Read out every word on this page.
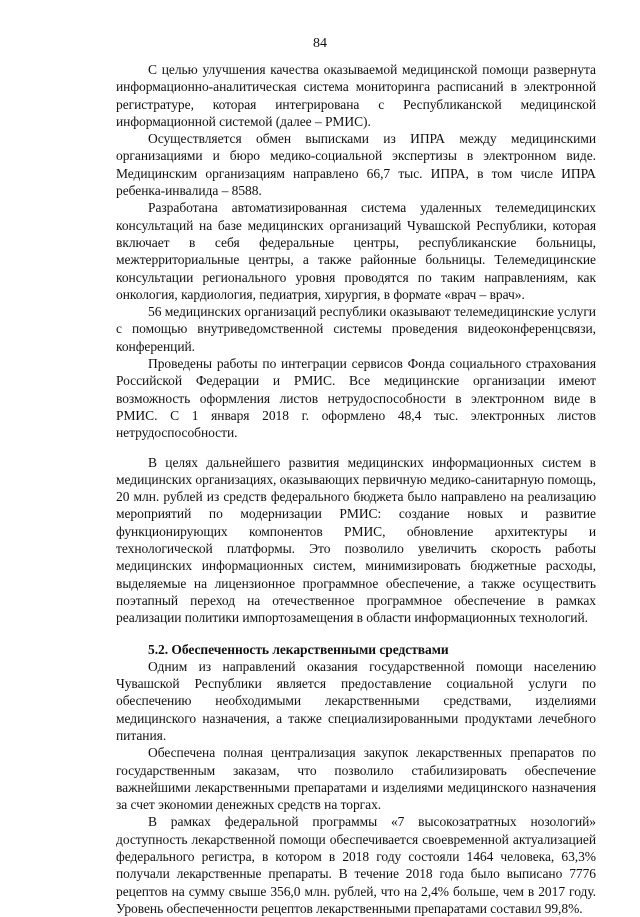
84

С целью улучшения качества оказываемой медицинской помощи развернута информационно-аналитическая система мониторинга расписаний в электронной регистратуре, которая интегрирована с Республиканской медицинской информационной системой (далее – РМИС).

Осуществляется обмен выписками из ИПРА между медицинскими организациями и бюро медико-социальной экспертизы в электронном виде. Медицинским организациям направлено 66,7 тыс. ИПРА, в том числе ИПРА ребенка-инвалида – 8588.

Разработана автоматизированная система удаленных телемедицинских консультаций на базе медицинских организаций Чувашской Республики, которая включает в себя федеральные центры, республиканские больницы, межтерриториальные центры, а также районные больницы. Телемедицинские консультации регионального уровня проводятся по таким направлениям, как онкология, кардиология, педиатрия, хирургия, в формате «врач – врач».

56 медицинских организаций республики оказывают телемедицинские услуги с помощью внутриведомственной системы проведения видеоконференцсвязи, конференций.

Проведены работы по интеграции сервисов Фонда социального страхования Российской Федерации и РМИС. Все медицинские организации имеют возможность оформления листов нетрудоспособности в электронном виде в РМИС. С 1 января 2018 г. оформлено 48,4 тыс. электронных листов нетрудоспособности.

В целях дальнейшего развития медицинских информационных систем в медицинских организациях, оказывающих первичную медико-санитарную помощь, 20 млн. рублей из средств федерального бюджета было направлено на реализацию мероприятий по модернизации РМИС: создание новых и развитие функционирующих компонентов РМИС, обновление архитектуры и технологической платформы. Это позволило увеличить скорость работы медицинских информационных систем, минимизировать бюджетные расходы, выделяемые на лицензионное программное обеспечение, а также осуществить поэтапный переход на отечественное программное обеспечение в рамках реализации политики импортозамещения в области информационных технологий.

5.2. Обеспеченность лекарственными средствами

Одним из направлений оказания государственной помощи населению Чувашской Республики является предоставление социальной услуги по обеспечению необходимыми лекарственными средствами, изделиями медицинского назначения, а также специализированными продуктами лечебного питания.

Обеспечена полная централизация закупок лекарственных препаратов по государственным заказам, что позволило стабилизировать обеспечение важнейшими лекарственными препаратами и изделиями медицинского назначения за счет экономии денежных средств на торгах.

В рамках федеральной программы «7 высокозатратных нозологий» доступность лекарственной помощи обеспечивается своевременной актуализацией федерального регистра, в котором в 2018 году состояли 1464 человека, 63,3% получали лекарственные препараты. В течение 2018 года было выписано 7776 рецептов на сумму свыше 356,0 млн. рублей, что на 2,4% больше, чем в 2017 году. Уровень обеспеченности рецептов лекарственными препаратами составил 99,8%.
